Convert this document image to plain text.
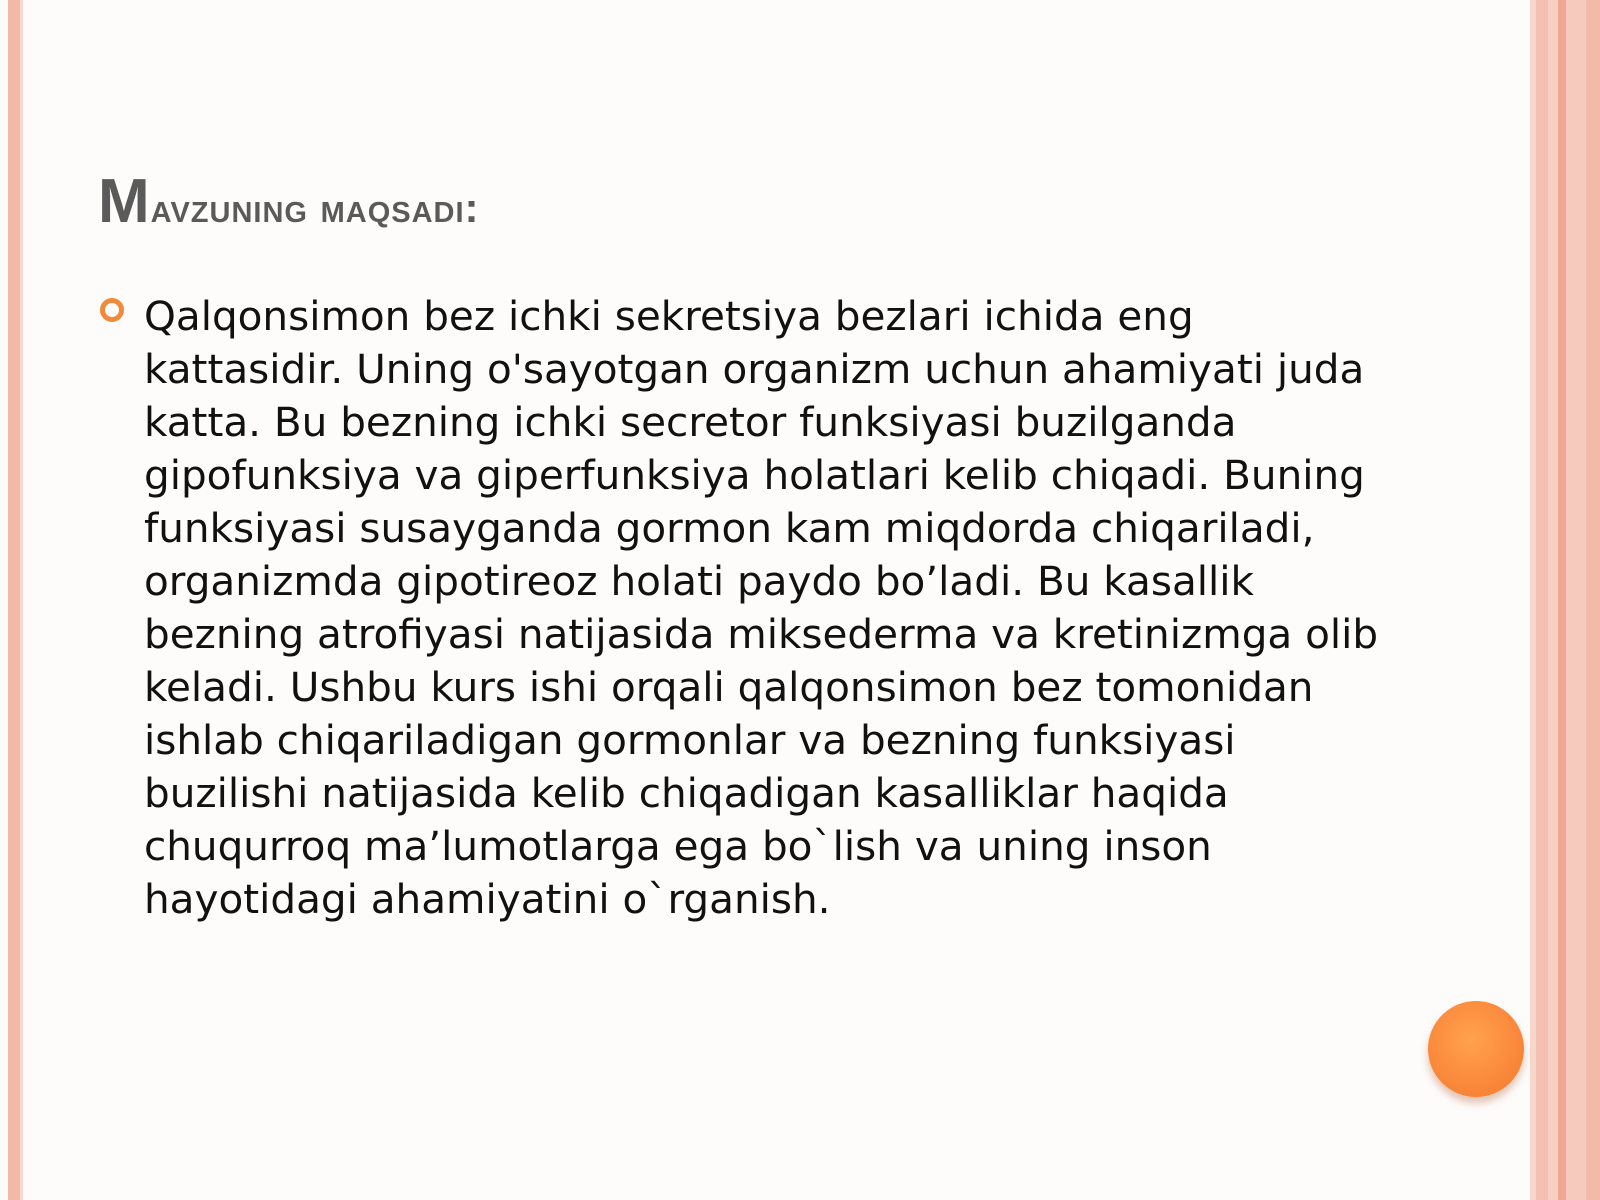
Mavzuning maqsadi:
Qalqonsimon bez ichki sekretsiya bezlari ichida eng kattasidir. Uning o'sayotgan organizm uchun ahamiyati juda katta. Bu bezning ichki secretor funksiyasi buzilganda gipofunksiya va giperfunksiya holatlari kelib chiqadi. Buning funksiyasi susayganda gormon kam miqdorda chiqariladi, organizmda gipotireoz holati paydo bo’ladi. Bu kasallik bezning atrofiyasi natijasida miksederma va kretinizmga olib keladi. Ushbu kurs ishi orqali qalqonsimon bez tomonidan ishlab chiqariladigan gormonlar va bezning funksiyasi buzilishi natijasida kelib chiqadigan kasalliklar haqida chuqurroq ma’lumotlarga ega bo`lish va uning inson hayotidagi ahamiyatini o`rganish.
